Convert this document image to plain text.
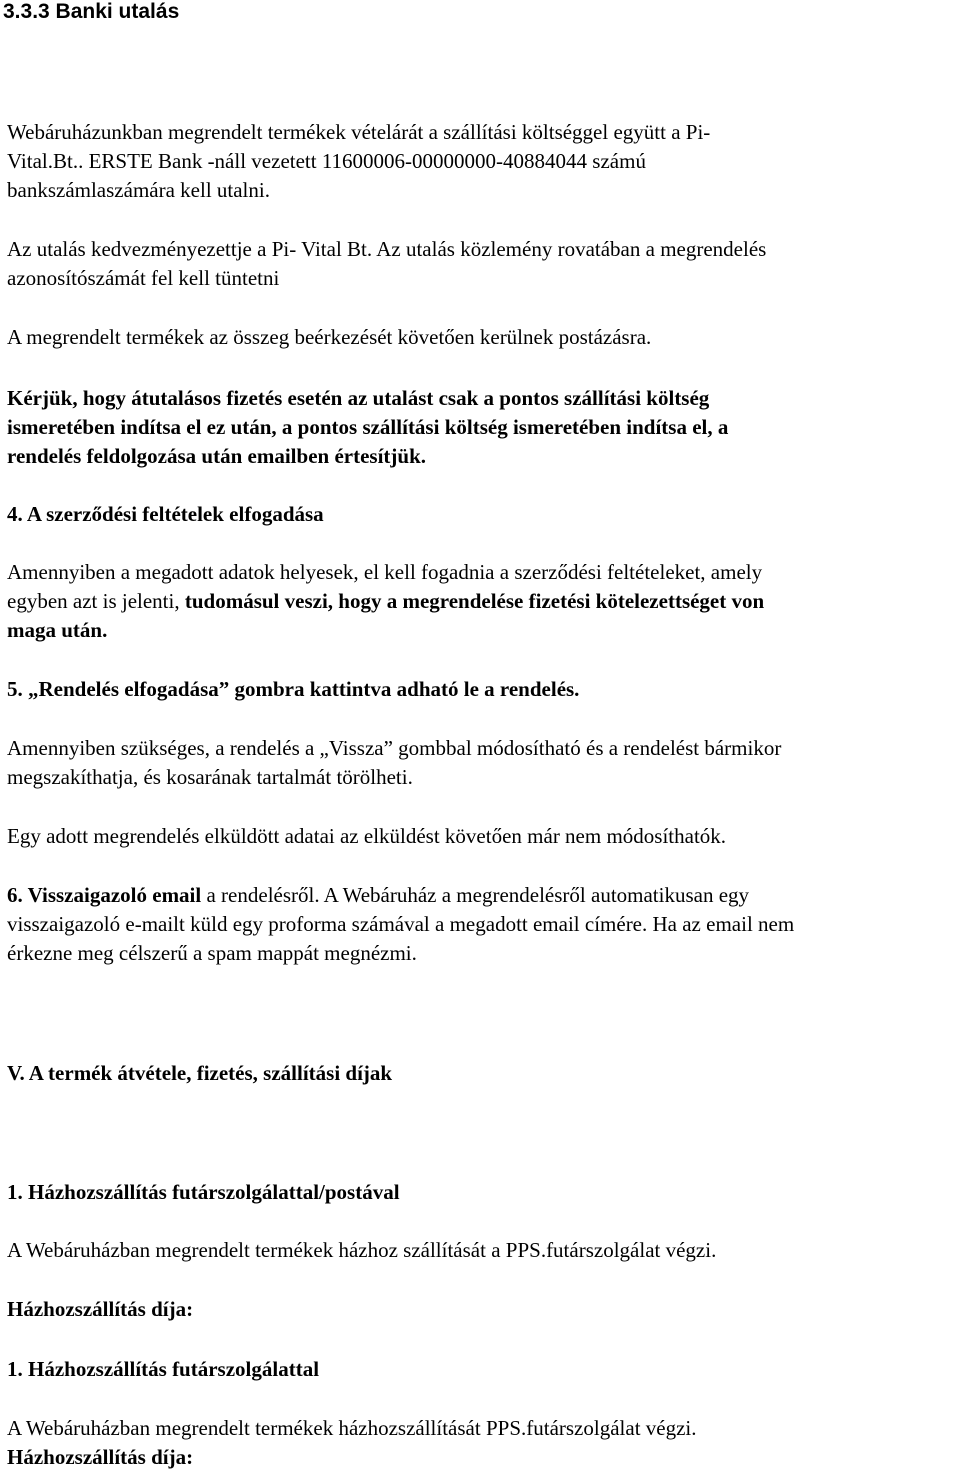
3.3.3 Banki utalás
Webáruházunkban megrendelt termékek vételárát a szállítási költséggel együtt a Pi-
Vital.Bt.. ERSTE Bank -náll vezetett 11600006-00000000-40884044 számú
bankszámlaszámára kell utalni.
Az utalás kedvezményezettje a Pi- Vital Bt. Az utalás közlemény rovatában a megrendelés
azonosítószámát fel kell tüntetni
A megrendelt termékek az összeg beérkezését követően kerülnek postázásra.
Kérjük, hogy átutalásos fizetés esetén az utalást csak a pontos szállítási költség
ismeretében indítsa el ez után, a pontos szállítási költség ismeretében indítsa el, a
rendelés feldolgozása után emailben értesítjük.
4. A szerződési feltételek elfogadása
Amennyiben a megadott adatok helyesek, el kell fogadnia a szerződési feltételeket, amely
egyben azt is jelenti, tudomásul veszi, hogy a megrendelése fizetési kötelezettséget von
maga után.
5. „Rendelés elfogadása” gombra kattintva adható le a rendelés.
Amennyiben szükséges, a rendelés a „Vissza” gombbal módosítható és a rendelést bármikor
megszakíthatja, és kosarának tartalmát törölheti.
Egy adott megrendelés elküldött adatai az elküldést követően már nem módosíthatók.
6. Visszaigazoló email a rendelésről. A Webáruház a megrendelésről automatikusan egy
visszaigazoló e-mailt küld egy proforma számával a megadott email címére. Ha az email nem
érkezne meg célszerű a spam mappát megnézmi.
V. A termék átvétele, fizetés, szállítási díjak
1. Házhozszállítás futárszolgálattal/postával
A Webáruházban megrendelt termékek házhoz szállítását a PPS.futárszolgálat végzi.
Házhozszállítás díja:
1. Házhozszállítás futárszolgálattal
A Webáruházban megrendelt termékek házhozszállítását PPS.futárszolgálat végzi.
Házhozszállítás díja:
